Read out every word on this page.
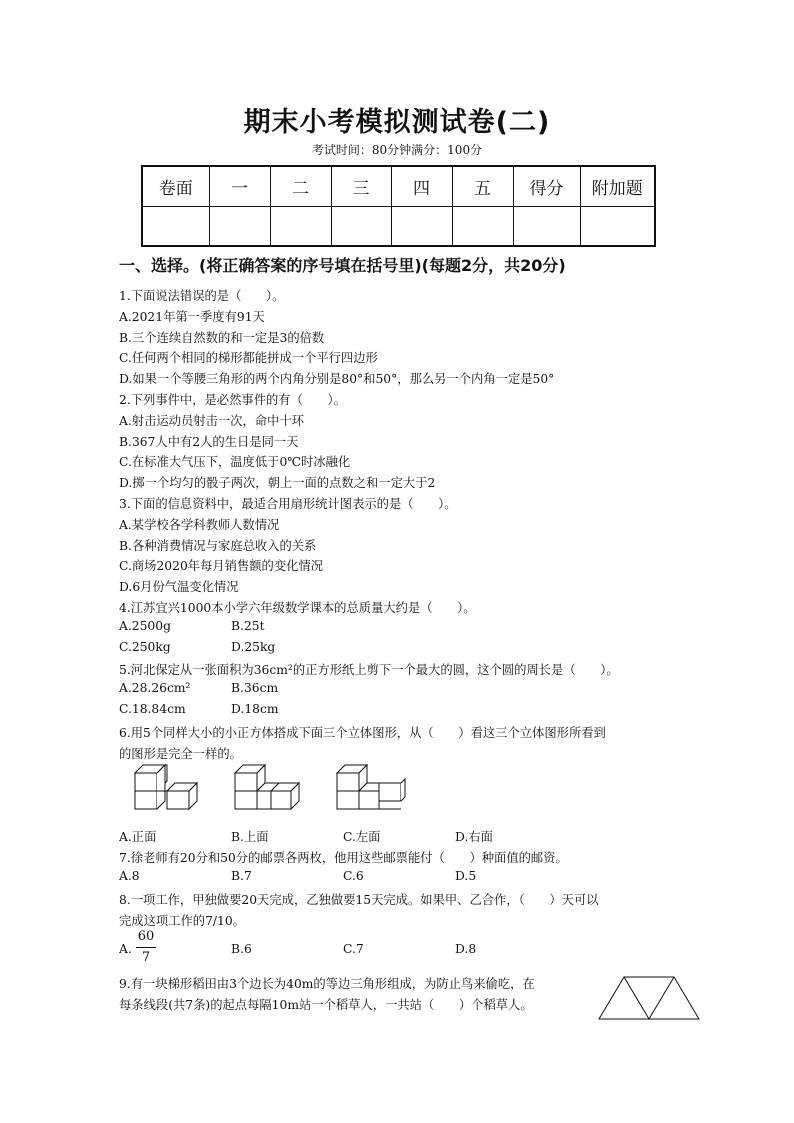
期末小考模拟测试卷(二)
考试时间：80分钟满分：100分
卷面	一	二	三	四	五	得分	附加题

一、选择。(将正确答案的序号填在括号里)(每题2分，共20分)
1.下面说法错误的是（　　）。
A.2021年第一季度有91天
B.三个连续自然数的和一定是3的倍数
C.任何两个相同的梯形都能拼成一个平行四边形
D.如果一个等腰三角形的两个内角分别是80°和50°，那么另一个内角一定是50°
2.下列事件中，是必然事件的有（　　）。
A.射击运动员射击一次，命中十环
B.367人中有2人的生日是同一天
C.在标准大气压下，温度低于0℃时冰融化
D.掷一个均匀的骰子两次，朝上一面的点数之和一定大于2
3.下面的信息资料中，最适合用扇形统计图表示的是（　　）。
A.某学校各学科教师人数情况
B.各种消费情况与家庭总收入的关系
C.商场2020年每月销售额的变化情况
D.6月份气温变化情况
4.江苏宜兴1000本小学六年级数学课本的总质量大约是（　　）。
A.2500g	B.25t
C.250kg	D.25kg
5.河北保定从一张面积为36cm²的正方形纸上剪下一个最大的圆，这个圆的周长是（　　）。
A.28.26cm²	B.36cm
C.18.84cm	D.18cm
6.用5个同样大小的小正方体搭成下面三个立体图形，从（　　）看这三个立体图形所看到
的图形是完全一样的。
A.正面	B.上面	C.左面	D.右面
7.徐老师有20分和50分的邮票各两枚，他用这些邮票能付（　　）种面值的邮资。
A.8	B.7	C.6	D.5
8.一项工作，甲独做要20天完成，乙独做要15天完成。如果甲、乙合作，（　　）天可以
完成这项工作的7/10。
A.
60
7
B.6	C.7	D.8
9.有一块梯形稻田由3个边长为40m的等边三角形组成，为防止鸟来偷吃，在
每条线段(共7条)的起点每隔10m站一个稻草人，一共站（　　）个稻草人。
